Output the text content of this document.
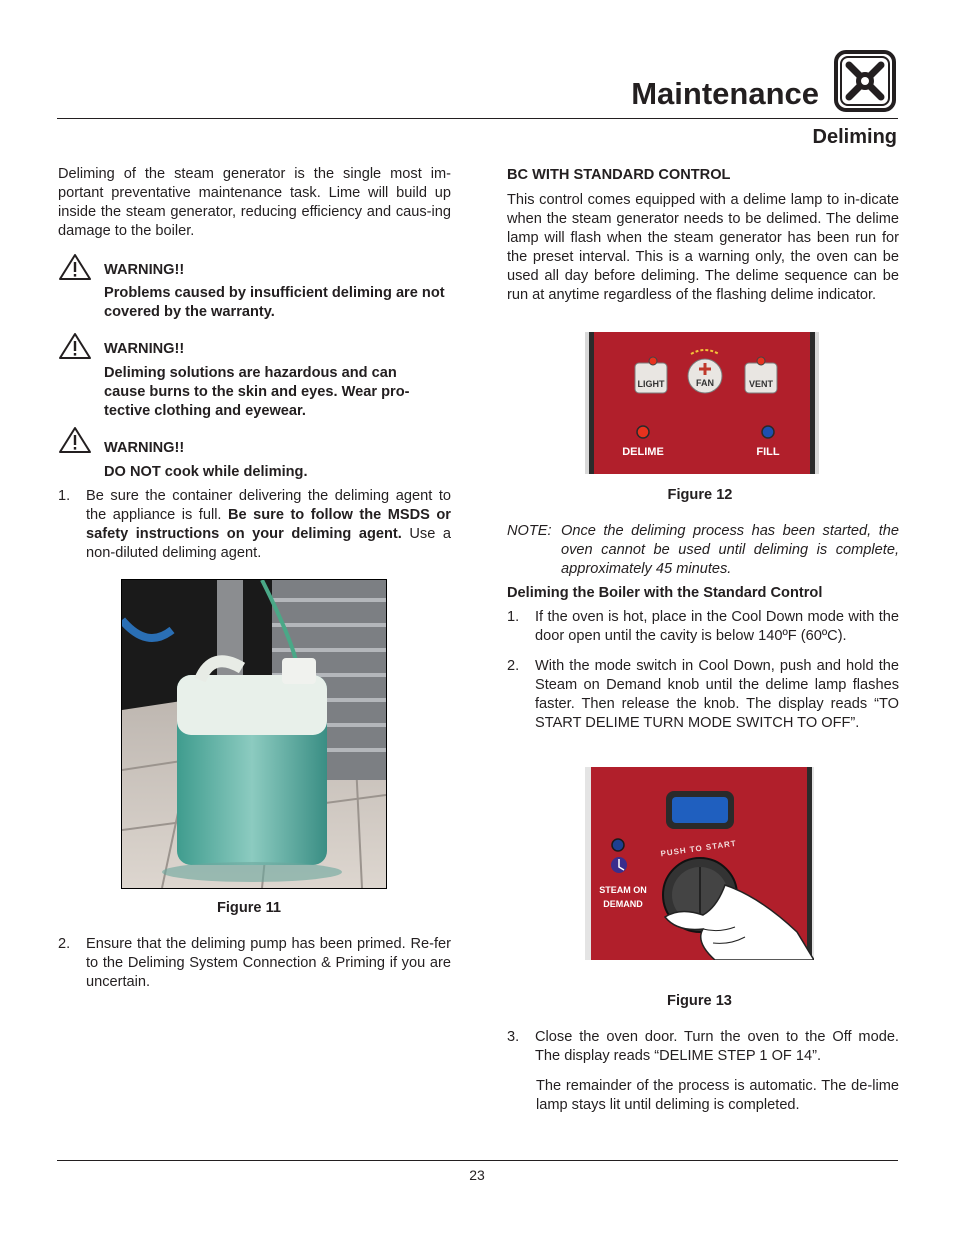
Maintenance
Deliming

Deliming of the steam generator is the single most im-portant preventative maintenance task. Lime will build up inside the steam generator, reducing efficiency and caus-ing damage to the boiler.

WARNING!!
Problems caused by insufficient deliming are not covered by the warranty.
WARNING!!
Deliming solutions are hazardous and can cause burns to the skin and eyes. Wear pro-tective clothing and eyewear.
WARNING!!
DO NOT cook while deliming.
1. Be sure the container delivering the deliming agent to the appliance is full. Be sure to follow the MSDS or safety instructions on your deliming agent. Use a non-diluted deliming agent.
Figure 11
2. Ensure that the deliming pump has been primed. Re-fer to the Deliming System Connection & Priming if you are uncertain.
BC WITH STANDARD CONTROL

This control comes equipped with a delime lamp to in-dicate when the steam generator needs to be delimed. The delime lamp will flash when the steam generator has been run for the preset interval. This is a warning only, the oven can be used all day before deliming. The delime sequence can be run at anytime regardless of the flashing delime indicator.

LIGHT	FAN	VENT
DELIME	FILL
Figure 12
NOTE: Once the deliming process has been started, the oven cannot be used until deliming is complete, approximately 45 minutes.
Deliming the Boiler with the Standard Control
1. If the oven is hot, place in the Cool Down mode with the door open until the cavity is below 140ºF (60ºC).
2. With the mode switch in Cool Down, push and hold the Steam on Demand knob until the delime lamp flashes faster. Then release the knob. The display reads “TO START DELIME TURN MODE SWITCH TO OFF”.
PUSH TO START
STEAM ON
DEMAND
Figure 13
3. Close the oven door. Turn the oven to the Off mode. The display reads “DELIME STEP 1 OF 14”.

The remainder of the process is automatic. The de-lime lamp stays lit until deliming is completed.

23
